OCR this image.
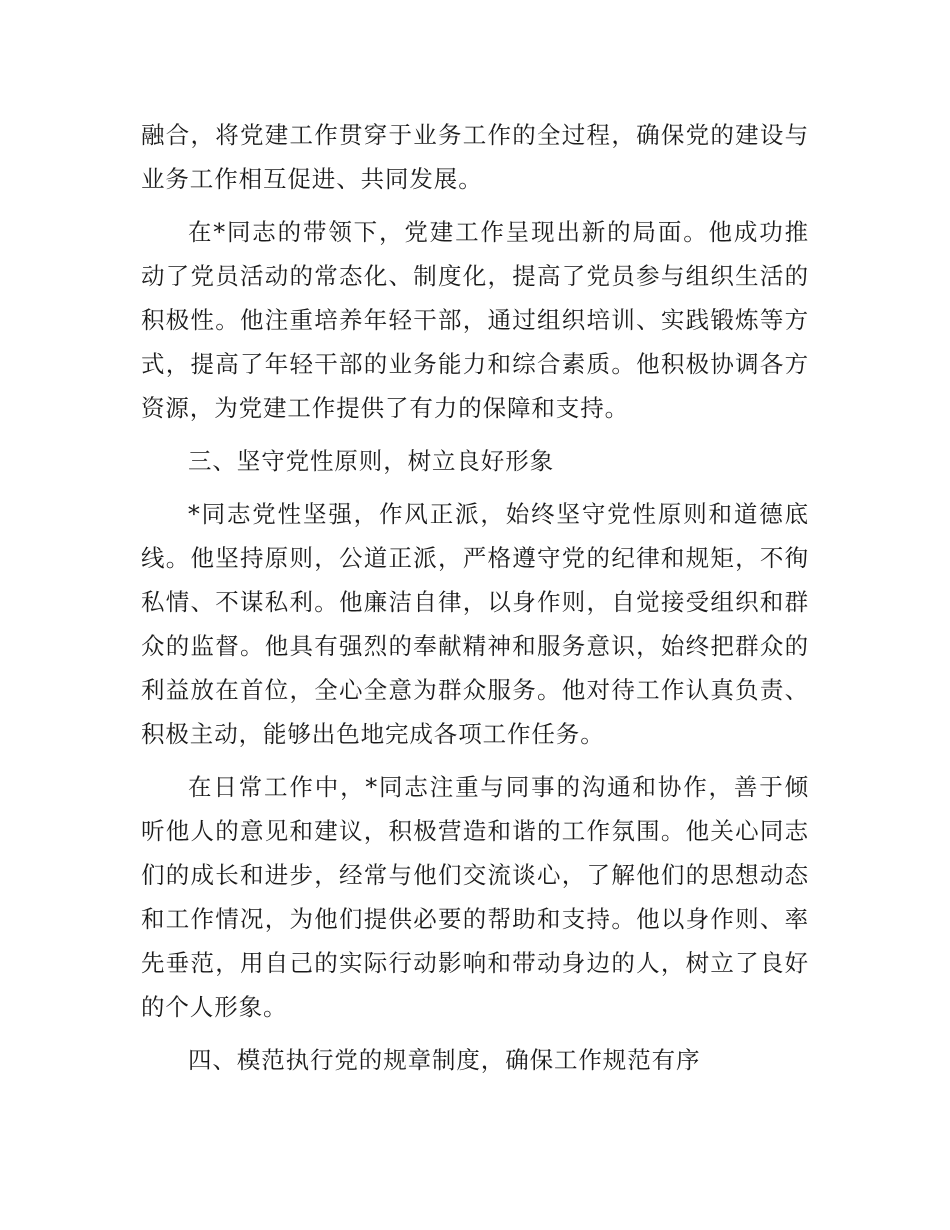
融合，将党建工作贯穿于业务工作的全过程，确保党的建设与业务工作相互促进、共同发展。

在*同志的带领下，党建工作呈现出新的局面。他成功推动了党员活动的常态化、制度化，提高了党员参与组织生活的积极性。他注重培养年轻干部，通过组织培训、实践锻炼等方式，提高了年轻干部的业务能力和综合素质。他积极协调各方资源，为党建工作提供了有力的保障和支持。

三、坚守党性原则，树立良好形象

*同志党性坚强，作风正派，始终坚守党性原则和道德底线。他坚持原则，公道正派，严格遵守党的纪律和规矩，不徇私情、不谋私利。他廉洁自律，以身作则，自觉接受组织和群众的监督。他具有强烈的奉献精神和服务意识，始终把群众的利益放在首位，全心全意为群众服务。他对待工作认真负责、积极主动，能够出色地完成各项工作任务。

在日常工作中，*同志注重与同事的沟通和协作，善于倾听他人的意见和建议，积极营造和谐的工作氛围。他关心同志们的成长和进步，经常与他们交流谈心，了解他们的思想动态和工作情况，为他们提供必要的帮助和支持。他以身作则、率先垂范，用自己的实际行动影响和带动身边的人，树立了良好的个人形象。

四、模范执行党的规章制度，确保工作规范有序
